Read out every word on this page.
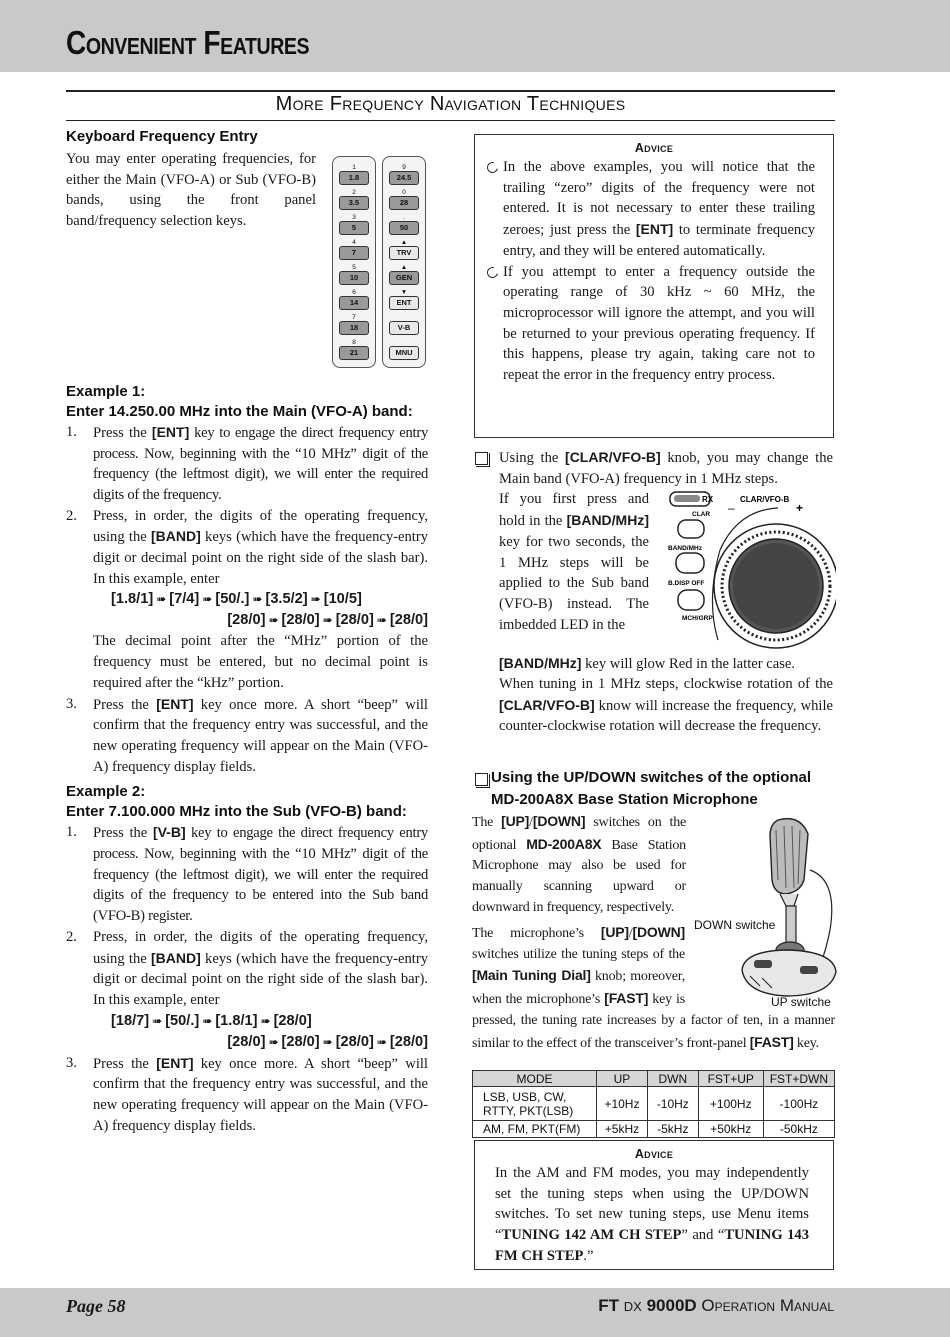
Convenient Features
More Frequency Navigation Techniques
Keyboard Frequency Entry
You may enter operating frequencies, for either the Main (VFO-A) or Sub (VFO-B) bands, using the front panel band/frequency selection keys.
Example 1:
Enter 14.250.00 MHz into the Main (VFO-A) band:
1. Press the [ENT] key to engage the direct frequency entry process. Now, beginning with the “10 MHz” digit of the frequency (the leftmost digit), we will enter the required digits of the frequency.
2. Press, in order, the digits of the operating frequency, using the [BAND] keys (which have the frequency-entry digit or decimal point on the right side of the slash bar). In this example, enter
[1.8/1] ➠ [7/4] ➠ [50/.] ➠ [3.5/2] ➠ [10/5]
[28/0] ➠ [28/0] ➠ [28/0] ➠ [28/0]
The decimal point after the “MHz” portion of the frequency must be entered, but no decimal point is required after the “kHz” portion.
3. Press the [ENT] key once more. A short “beep” will confirm that the frequency entry was successful, and the new operating frequency will appear on the Main (VFO-A) frequency display fields.
Example 2:
Enter 7.100.000 MHz into the Sub (VFO-B) band:
1. Press the [V-B] key to engage the direct frequency entry process. Now, beginning with the “10 MHz” digit of the frequency (the leftmost digit), we will enter the required digits of the frequency to be entered into the Sub band (VFO-B) register.
2. Press, in order, the digits of the operating frequency, using the [BAND] keys (which have the frequency-entry digit or decimal point on the right side of the slash bar). In this example, enter
[18/7] ➠ [50/.] ➠ [1.8/1] ➠ [28/0]
[28/0] ➠ [28/0] ➠ [28/0] ➠ [28/0]
3. Press the [ENT] key once more. A short “beep” will confirm that the frequency entry was successful, and the new operating frequency will appear on the Main (VFO-A) frequency display fields.
1
1.8
2
3.5
3
5
4
7
5
10
6
14
7
18
8
21
9
24.5
0
28
.
50
▲
TRV
▲
GEN
▼
ENT
V-B
MNU
Advice
In the above examples, you will notice that the trailing “zero” digits of the frequency were not entered. It is not necessary to enter these trailing zeroes; just press the [ENT] to terminate frequency entry, and they will be entered automatically.
If you attempt to enter a frequency outside the operating range of 30 kHz ~ 60 MHz, the microprocessor will ignore the attempt, and you will be returned to your previous operating frequency. If this happens, please try again, taking care not to repeat the error in the frequency entry process.
Using the [CLAR/VFO-B] knob, you may change the Main band (VFO-A) frequency in 1 MHz steps.
If you first press and hold in the [BAND/MHz] key for two seconds, the 1 MHz steps will be applied to the Sub band (VFO-B) instead. The imbedded LED in the
[BAND/MHz] key will glow Red in the latter case.
When tuning in 1 MHz steps, clockwise rotation of the [CLAR/VFO-B] know will increase the frequency, while counter-clockwise rotation will decrease the frequency.
RX	CLAR/VFO-B
–	+
CLAR
BAND/MHz
B.DISP OFF
MCH/GRP
Using the UP/DOWN switches of the optional
MD-200A8X Base Station Microphone
The [UP]/[DOWN] switches on the optional MD-200A8X Base Station Microphone may also be used for manually scanning upward or downward in frequency, respectively.
The microphone’s [UP]/[DOWN] switches utilize the tuning steps of the [Main Tuning Dial] knob; moreover, when the microphone’s [FAST] key is pressed, the tuning rate increases by a factor of ten, in a manner similar to the effect of the transceiver’s front-panel [FAST] key.
DOWN switche
UP switche
MODE	UP	DWN	FST+UP	FST+DWN
LSB, USB, CW, RTTY, PKT(LSB)	+10Hz	-10Hz	+100Hz	-100Hz
AM, FM, PKT(FM)	+5kHz	-5kHz	+50kHz	-50kHz
Advice
In the AM and FM modes, you may independently set the tuning steps when using the UP/DOWN switches. To set new tuning steps, use Menu items “TUNING 142 AM CH STEP” and “TUNING 143 FM CH STEP.”
Page 58	FT DX 9000D Operation Manual
